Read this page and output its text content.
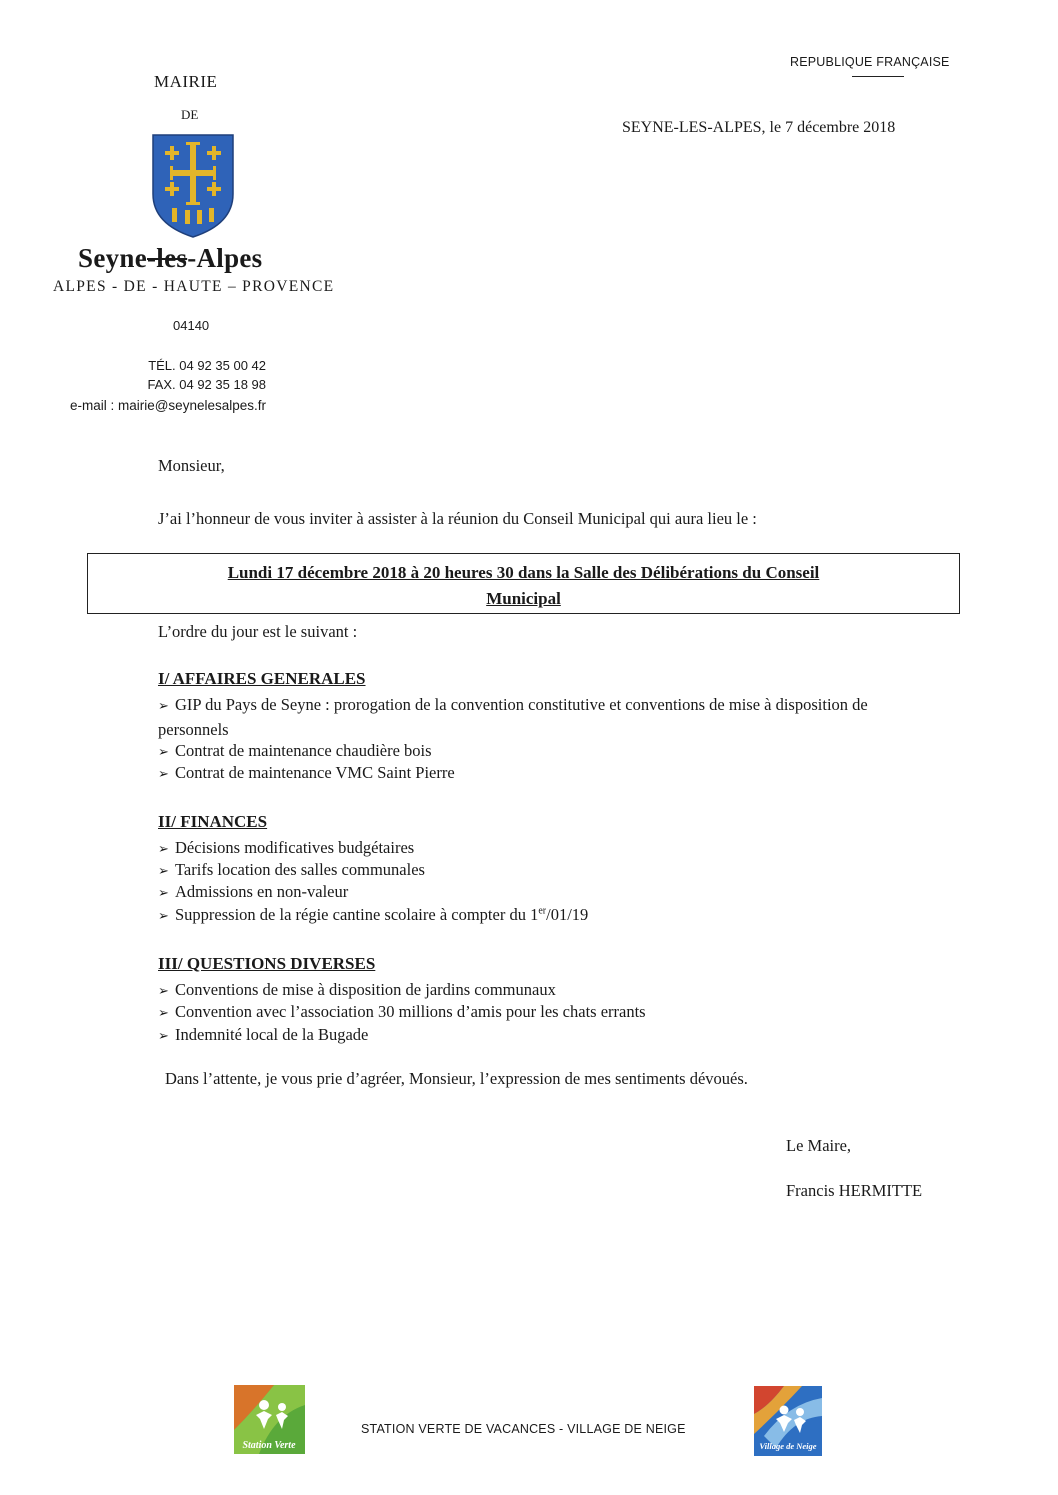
REPUBLIQUE FRANÇAISE
SEYNE-LES-ALPES, le 7 décembre 2018
MAIRIE
DE
Seyne-les-Alpes
ALPES - DE - HAUTE – PROVENCE
04140
TÉL. 04 92 35 00 42
FAX. 04 92 35 18 98
e-mail : mairie@seynelesalpes.fr
Monsieur,
J’ai l’honneur de vous inviter à assister à la réunion du Conseil Municipal qui aura lieu le :
Lundi 17 décembre 2018 à 20 heures 30 dans la Salle des Délibérations du Conseil
Municipal
L’ordre du jour est le suivant :
I/ AFFAIRES GENERALES
➢ GIP du Pays de Seyne : prorogation de la convention constitutive et conventions de mise à disposition de personnels
➢ Contrat de maintenance chaudière bois
➢ Contrat de maintenance VMC Saint Pierre
II/ FINANCES
➢ Décisions modificatives budgétaires
➢ Tarifs location des salles communales
➢ Admissions en non-valeur
➢ Suppression de la régie cantine scolaire à compter du 1er/01/19
III/ QUESTIONS DIVERSES
➢ Conventions de mise à disposition de jardins communaux
➢ Convention avec l’association 30 millions d’amis pour les chats errants
➢ Indemnité local de la Bugade
Dans l’attente, je vous prie d’agréer, Monsieur, l’expression de mes sentiments dévoués.
Le Maire,
Francis HERMITTE
Station Verte
STATION VERTE DE VACANCES - VILLAGE DE NEIGE
Village de Neige
